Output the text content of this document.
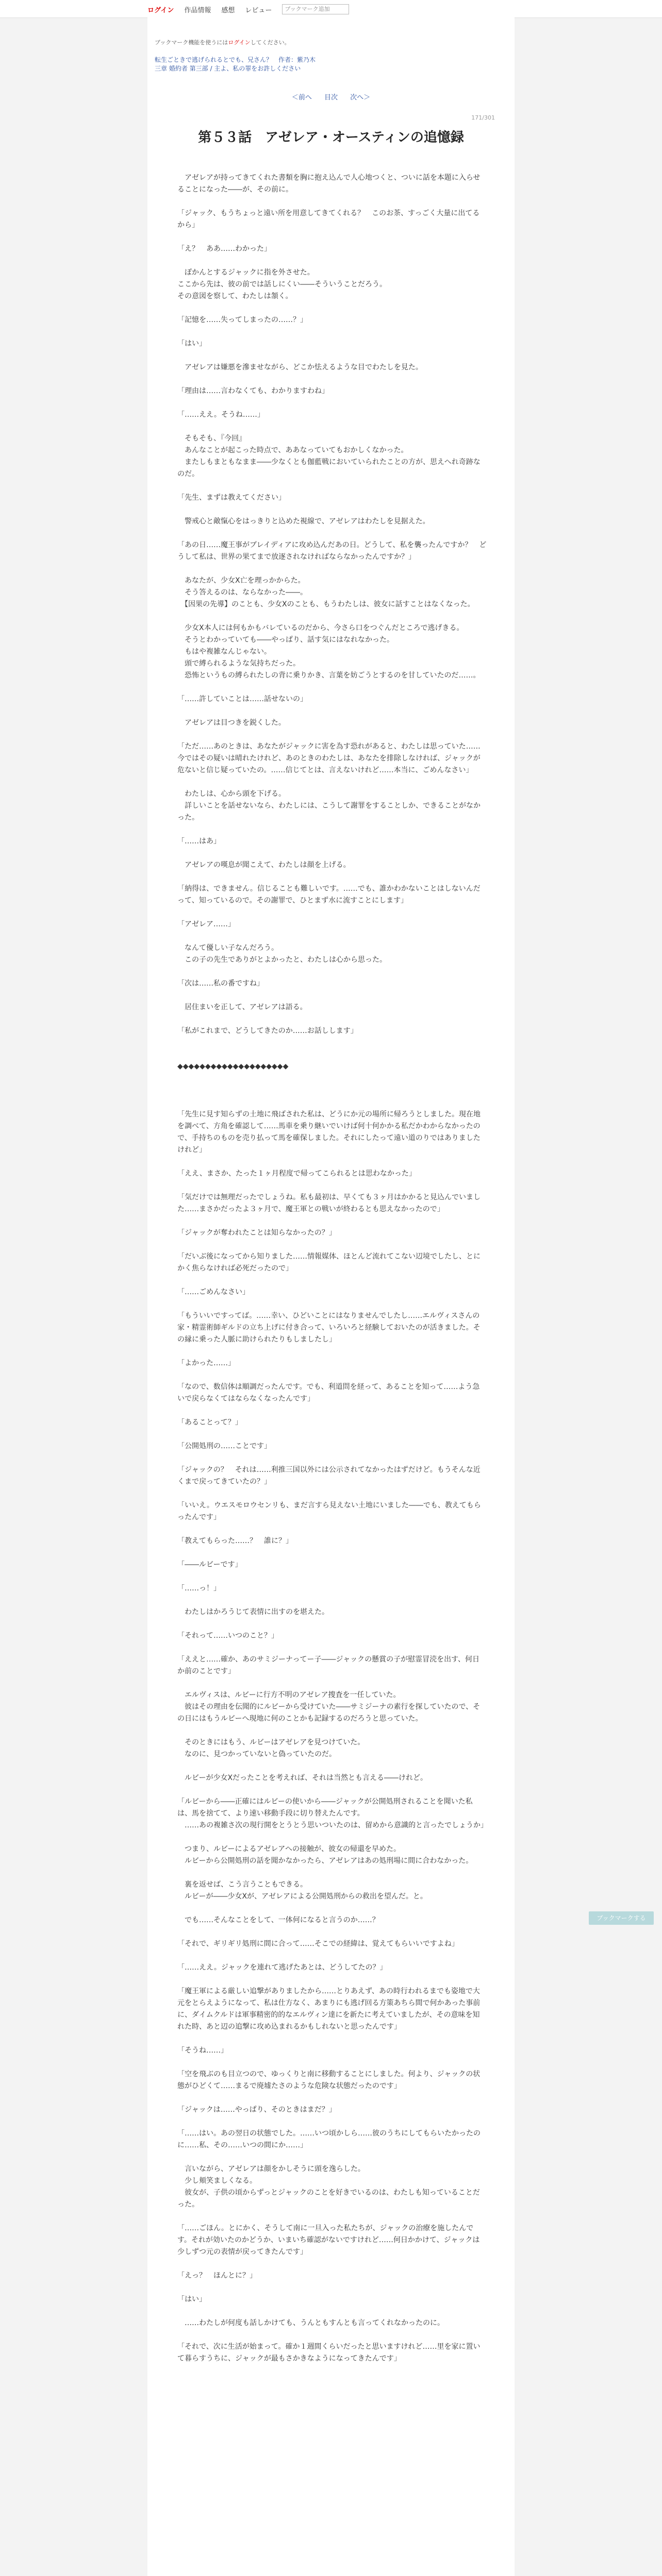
ログイン 作品情報 感想 レビュー	ブックマーク追加
ブックマーク機能を使うにはログインしてください。
転生ごときで逃げられるとでも、兄さん？　作者：紫乃木
三章 婚約者 第三部 / 主よ、私の罪をお許しください
＜前へ 目次 次へ＞
171/301
第５３話　アゼレア・オースティンの追憶録

　アゼレアが持ってきてくれた書類を胸に抱え込んで人心地つくと、ついに話を本題に入らせることになった――が、その前に。

「ジャック、もうちょっと遠い所を用意してきてくれる？　このお茶、すっごく大量に出てるから」

「え？　ああ……わかった」

　ぽかんとするジャックに指を外させた。
ここから先は、彼の前では話しにくい――そういうことだろう。
その意図を察して、わたしは頷く。

「記憶を……失ってしまったの……？」

「はい」

　アゼレアは嫌悪を滲ませながら、どこか怯えるような目でわたしを見た。

「理由は……言わなくても、わかりますわね」

「……ええ。そうね……」

　そもそも、『今回』
　あんなことが起こった時点で、ああなっていてもおかしくなかった。
　またしもまともなまま――少なくとも伽藍戦においていられたことの方が、思えへれ奇跡なのだ。

「先生、まずは教えてください」

　警戒心と敵愾心をはっきりと込めた視線で、アゼレアはわたしを見据えた。

「あの日……魔王事がブレイディアに攻め込んだあの日。どうして、私を襲ったんですか？　どうして私は、世界の果てまで放逐されなければならなかったんですか？」

　あなたが、少女X亡を理っかからた。
　そう答えるのは、ならなかった――。
　【因果の先導】のことも、少女Xのことも、もうわたしは、彼女に話すことはなくなった。

　少女X本人には何もかもバレているのだから、今さら口をつぐんだところで逃げきる。
　そうとわかっていても――やっぱり、話す気にはなれなかった。
　もはや複雑なんじゃない。
　頭で縛られるような気持ちだった。
　恐怖というもの縛られたしの背に乗りかき、言葉を妨ごうとするのを甘していたのだ……。

「……許していことは……話せないの」

　アゼレアは目つきを鋭くした。

「ただ……あのときは、あなたがジャックに害を為す恐れがあると、わたしは思っていた……今ではその疑いは晴れたけれど、あのときのわたしは、あなたを排除しなければ、ジャックが危ないと信じ疑っていたの。……信じてとは、言えないけれど……本当に、ごめんなさい」

　わたしは、心から頭を下げる。
　詳しいことを話せないなら、わたしには、こうして謝罪をすることしか、できることがなかった。

「……はあ」

　アゼレアの嘆息が聞こえて、わたしは顔を上げる。

「納得は、できません。信じることも難しいです。……でも、誰かわかないことはしないんだって、知っているので。その謝罪で、ひとまず水に流すことにします」

「アゼレア……」

　なんて優しい子なんだろう。
　この子の先生でありがとよかったと、わたしは心から思った。

「次は……私の番ですね」

　居住まいを正して、アゼレアは語る。

「私がこれまで、どうしてきたのか……お話しします」

◆◆◆◆◆◆◆◆◆◆◆◆◆◆◆◆◆◆◆◆

「先生に見す知らずの土地に飛ばされた私は、どうにか元の場所に帰ろうとしました。現在地を調べて、方角を確認して……馬車を乗り継いでいけば何十何かかる私だかわからなかったので、手持ちのものを売り払って馬を確保しました。それにしたって遠い道のりではありましたけれど」

「ええ、まさか、たった１ヶ月程度で帰ってこられるとは思わなかった」

「気だけでは無理だったでしょうね。私も最初は、早くても３ヶ月はかかると見込んでいました……まさかだったよ３ヶ月で、魔王軍との戦いが終わるとも思えなかったので」

「ジャックが奪われたことは知らなかったの？」

「だいぶ後になってから知りました……情報媒体、ほとんど流れてこない辺境でしたし、とにかく焦らなければ必死だったので」

「……ごめんなさい」

「もういいですってば。……幸い、ひどいことにはなりませんでしたし……エルヴィスさんの家・精霊術師ギルドの立ち上げに付き合って、いろいろと経験しておいたのが活きました。その縁に乗った人脈に助けられたりもしましたし」

「よかった……」

「なので、数信体は順調だったんです。でも、利道問を経って、あることを知って……よう急いで戻らなくてはならなくなったんです」

「あることって？」

「公開処刑の……ことです」

「ジャックの？　それは……利推三国以外には公示されてなかったはずだけど。もうそんな近くまで戻ってきていたの？」

「いいえ。ウエスモロウセンリも、まだ言すら見えない土地にいました――でも、教えてもらったんです」

「教えてもらった……？　誰に？」

「――ルビーです」

「……っ！」

　わたしはかろうじて表情に出すのを堪えた。

「それって……いつのこと？」

「ええと……確か、あのサミジーナってー子――ジャックの懸賞の子が慰霊冒涜を出す、何日か前のことです」

　エルヴィスは、ルビーに行方不明のアゼレア捜査を一任していた。
　彼はその理由を伝聞的にルビーから受けていた――サミジーナの素行を探していたので、その日にはもうルビーへ現地に何のことかも記録するのだろうと思っていた。

　そのときにはもう、ルビーはアゼレアを見つけていた。
　なのに、見つかっていないと偽っていたのだ。

　ルビーが少女Xだったことを考えれば、それは当然とも言える――けれど。

「ルビーから――正確にはルビーの使いから――ジャックが公開処刑されることを聞いた私は、馬を捨てて、より速い移動手段に切り替えたんです。
　……あの複雑さ次の現行開をとうとう思いついたのは、留めから意識的と言ったでしょうか」

　つまり、ルビーによるアゼレアへの接触が、彼女の帰還を早めた。
　ルビーから公開処刑の話を聞かなかったら、アゼレアはあの処刑場に間に合わなかった。

　裏を返せば、こう言うこともできる。
　ルビーが――少女Xが、アゼレアによる公開処刑からの救出を望んだ。と。

　でも……そんなことをして、一体何になると言うのか……？

「それで、ギリギリ処刑に間に合って……そこでの経緯は、覚えてもらいいですよね」

「……ええ。ジャックを連れて逃げたあとは、どうしてたの？」

「魔王軍による厳しい追撃がありましたから……とりあえず、あの時行われるまでも姿地で大元をとらえようになって、私は仕方なく、あまりにも逃げ回る方策あちら間で何かあった事前に、ダイムクルドは軍事精密的的なエルヴィン達にを新たに考えていましたが、その意味を知れた時、あと辺の追撃に攻め込まれるかもしれないと思ったんです」

「そうね……」

「空を飛ぶのも目立つので、ゆっくりと南に移動することにしました。何より、ジャックの状態がひどくて……まるで廃墟たさのような危険な状態だったのです」

「ジャックは……やっぱり、そのときはまだ？」

「……はい。あの翌日の状態でした。……いつ頃かしら……彼のうちにしてもらいたかったのに……私、その……いつの間にか……」

　言いながら、アゼレアは顔をかしそうに頭を逸らした。
　少し頬笑ましくなる。
　彼女が、子供の頃からずっとジャックのことを好きでいるのは、わたしも知っていることだった。

「……ごほん。とにかく、そうして南に一旦入った私たちが、ジャックの治療を施したんです。それが効いたのかどうか、いまいち確認がないですけれど……何日かかけて、ジャックは少しずつ元の表情が戻ってきたんです」

「えっ？　ほんとに？」

「はい」

　……わたしが何度も話しかけても、うんともすんとも言ってくれなかったのに。

「それで、次に生活が始まって。確か１週間くらいだったと思いますけれど……里を家に置いて暮らすうちに、ジャックが最もさかきなようになってきたんです」

ブックマークする
